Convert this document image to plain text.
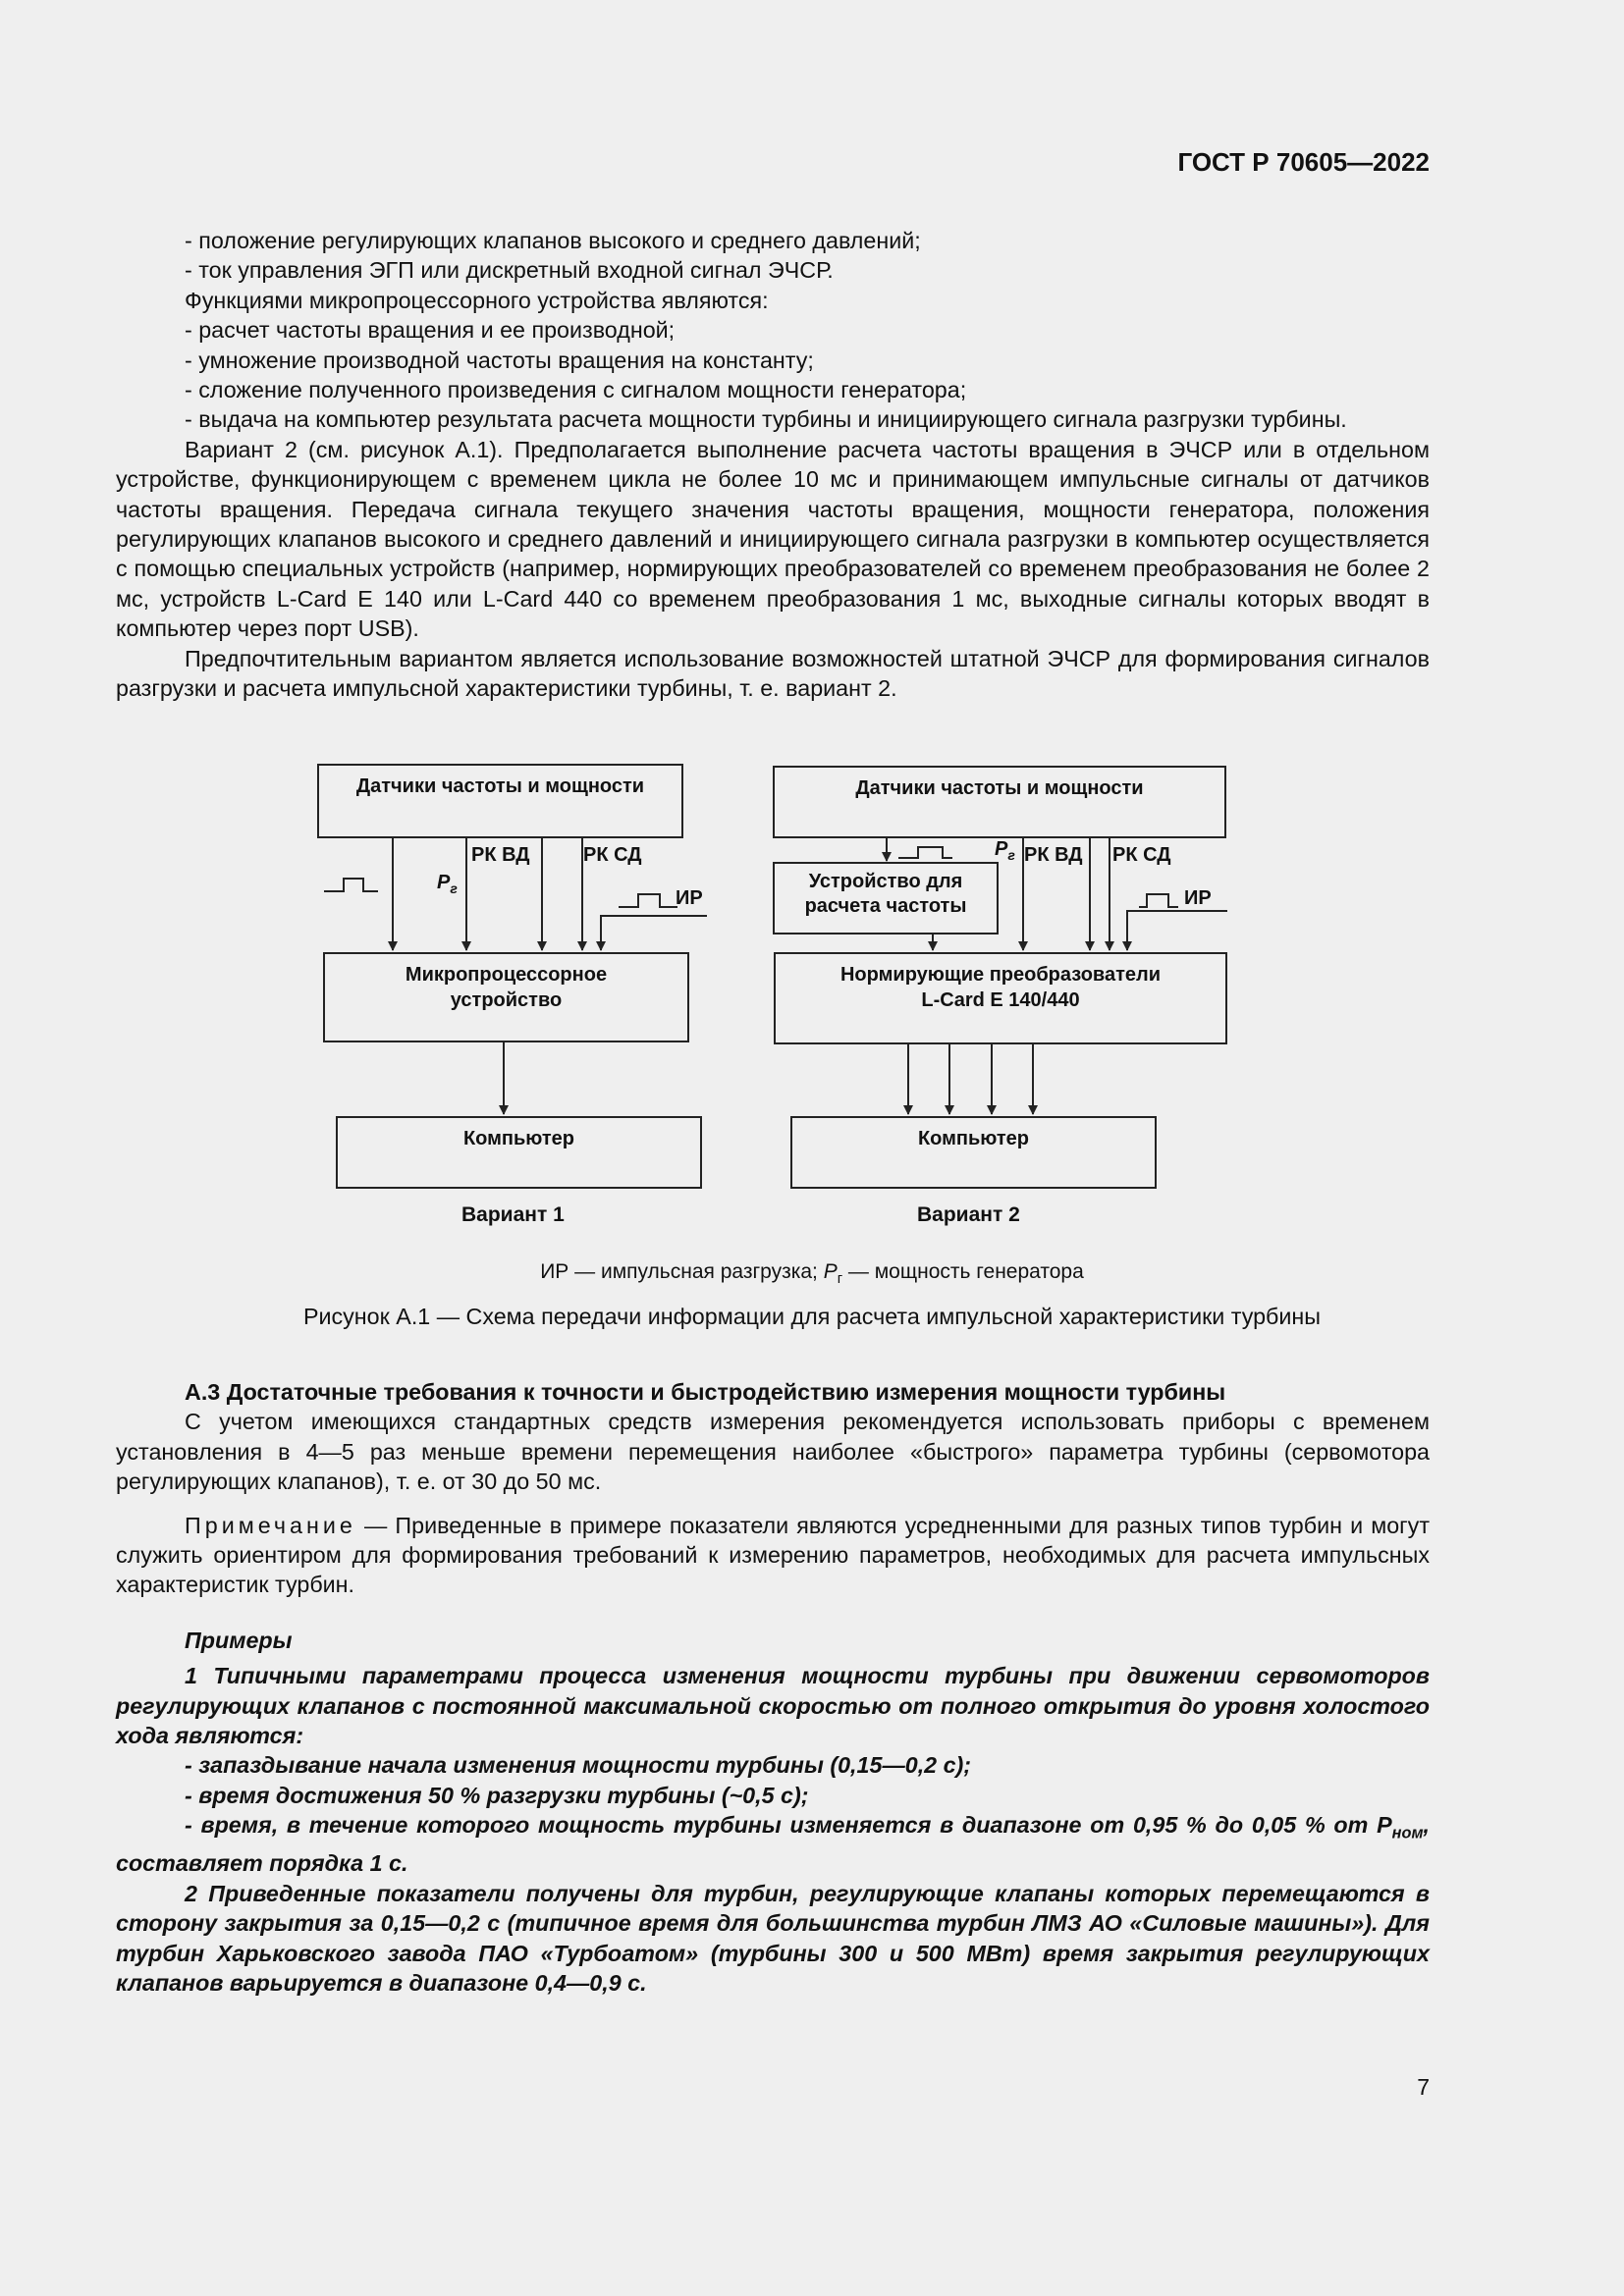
ГОСТ Р 70605—2022

- положение регулирующих клапанов высокого и среднего давлений;

- ток управления ЭГП или дискретный входной сигнал ЭЧСР.

Функциями микропроцессорного устройства являются:

- расчет частоты вращения и ее производной;

- умножение производной частоты вращения на константу;

- сложение полученного произведения с сигналом мощности генератора;

- выдача на компьютер результата расчета мощности турбины и инициирующего сигнала разгрузки турбины.

Вариант 2 (см. рисунок А.1). Предполагается выполнение расчета частоты вращения в ЭЧСР или в отдельном устройстве, функционирующем с временем цикла не более 10 мс и принимающем импульсные сигналы от датчиков частоты вращения. Передача сигнала текущего значения частоты вращения, мощности генератора, положения регулирующих клапанов высокого и среднего давлений и инициирующего сигнала разгрузки в компьютер осуществляется с помощью специальных устройств (например, нормирующих преобразователей со временем преобразования не более 2 мс, устройств L-Card Е 140 или L-Card 440 со временем преобразования 1 мс, выходные сигналы которых вводят в компьютер через порт USB).

Предпочтительным вариантом является использование возможностей штатной ЭЧСР для формирования сигналов разгрузки и расчета импульсной характеристики турбины, т. е. вариант 2.

Датчики частоты и мощности
$P_г$
РК ВД	РК СД
ИР
Микропроцессорное
устройство
Компьютер
Вариант 1
Датчики частоты и мощности
$P_г$ РК ВД РК СД
ИР
Устройство для
расчета частоты
Нормирующие преобразователи
L-Card E 140/440
Компьютер
Вариант 2
ИР — импульсная разгрузка; $P_г$ — мощность генератора
Рисунок А.1 — Схема передачи информации для расчета импульсной характеристики турбины

А.3 Достаточные требования к точности и быстродействию измерения мощности турбины

С учетом имеющихся стандартных средств измерения рекомендуется использовать приборы с временем установления в 4—5 раз меньше времени перемещения наиболее «быстрого» параметра турбины (сервомотора регулирующих клапанов), т. е. от 30 до 50 мс.

Примечание — Приведенные в примере показатели являются усредненными для разных типов турбин и могут служить ориентиром для формирования требований к измерению параметров, необходимых для расчета импульсных характеристик турбин.

Примеры

1 Типичными параметрами процесса изменения мощности турбины при движении сервомоторов регулирующих клапанов с постоянной максимальной скоростью от полного открытия до уровня холостого хода являются:

- запаздывание начала изменения мощности турбины (0,15—0,2 с);

- время достижения 50 % разгрузки турбины (~0,5 с);

- время, в течение которого мощность турбины изменяется в диапазоне от 0,95 % до 0,05 % от $P_{ном}$, составляет порядка 1 с.

2 Приведенные показатели получены для турбин, регулирующие клапаны которых перемещаются в сторону закрытия за 0,15—0,2 с (типичное время для большинства турбин ЛМЗ АО «Силовые машины»). Для турбин Харьковского завода ПАО «Турбоатом» (турбины 300 и 500 МВт) время закрытия регулирующих клапанов варьируется в диапазоне 0,4—0,9 с.

7
